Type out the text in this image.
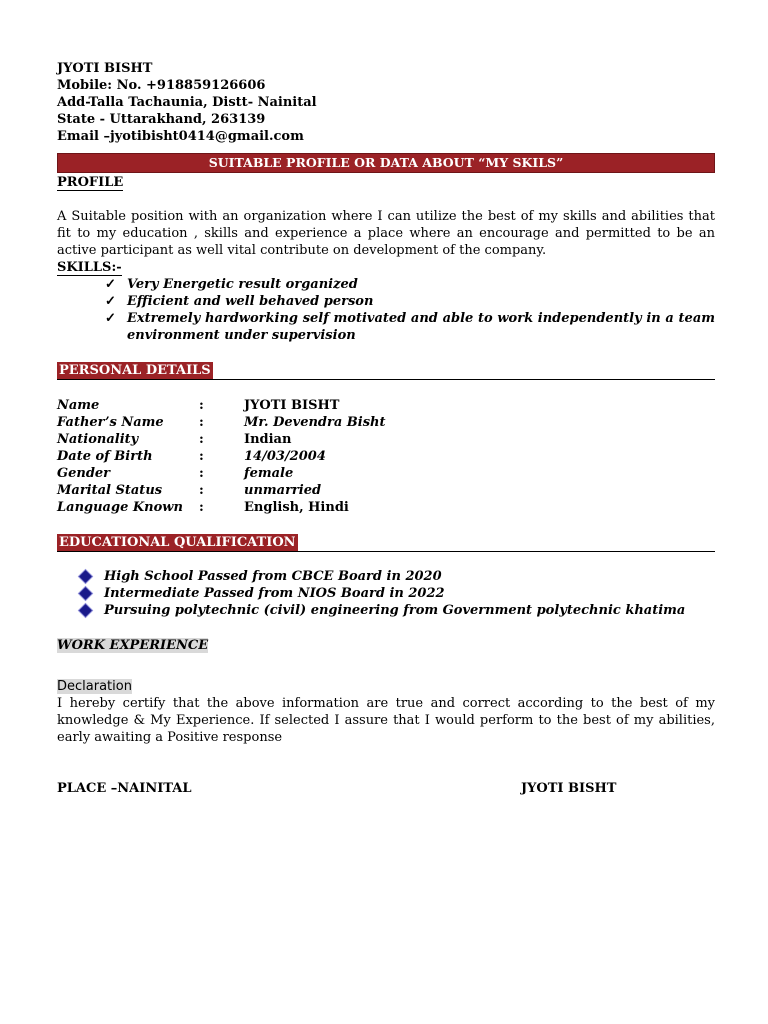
JYOTI BISHT
Mobile: No. +918859126606
Add-Talla Tachaunia, Distt- Nainital
State - Uttarakhand, 263139
Email –jyotibisht0414@gmail.com
SUITABLE PROFILE OR DATA ABOUT “MY SKILS”
PROFILE
A Suitable position with an organization where I can utilize the best of my skills and abilities that fit to my education , skills and experience a place where an encourage and permitted to be an active participant as well vital contribute on development of the company.
SKILLS:-
✓ Very Energetic result organized
✓ Efficient and well behaved person
✓ Extremely hardworking self motivated and able to work independently in a team environment under supervision
PERSONAL DETAILS
Name	:	JYOTI BISHT
Father’s Name	:	Mr. Devendra Bisht
Nationality	:	Indian
Date of Birth	:	14/03/2004
Gender	:	female
Marital Status	:	unmarried
Language Known	:	English, Hindi
EDUCATIONAL QUALIFICATION
High School Passed from CBCE Board in 2020
Intermediate Passed from NIOS Board in 2022
Pursuing polytechnic (civil) engineering from Government polytechnic khatima
WORK EXPERIENCE
Declaration
I hereby certify that the above information are true and correct according to the best of my knowledge & My Experience. If selected I assure that I would perform to the best of my abilities, early awaiting a Positive response
PLACE –NAINITAL	JYOTI BISHT
